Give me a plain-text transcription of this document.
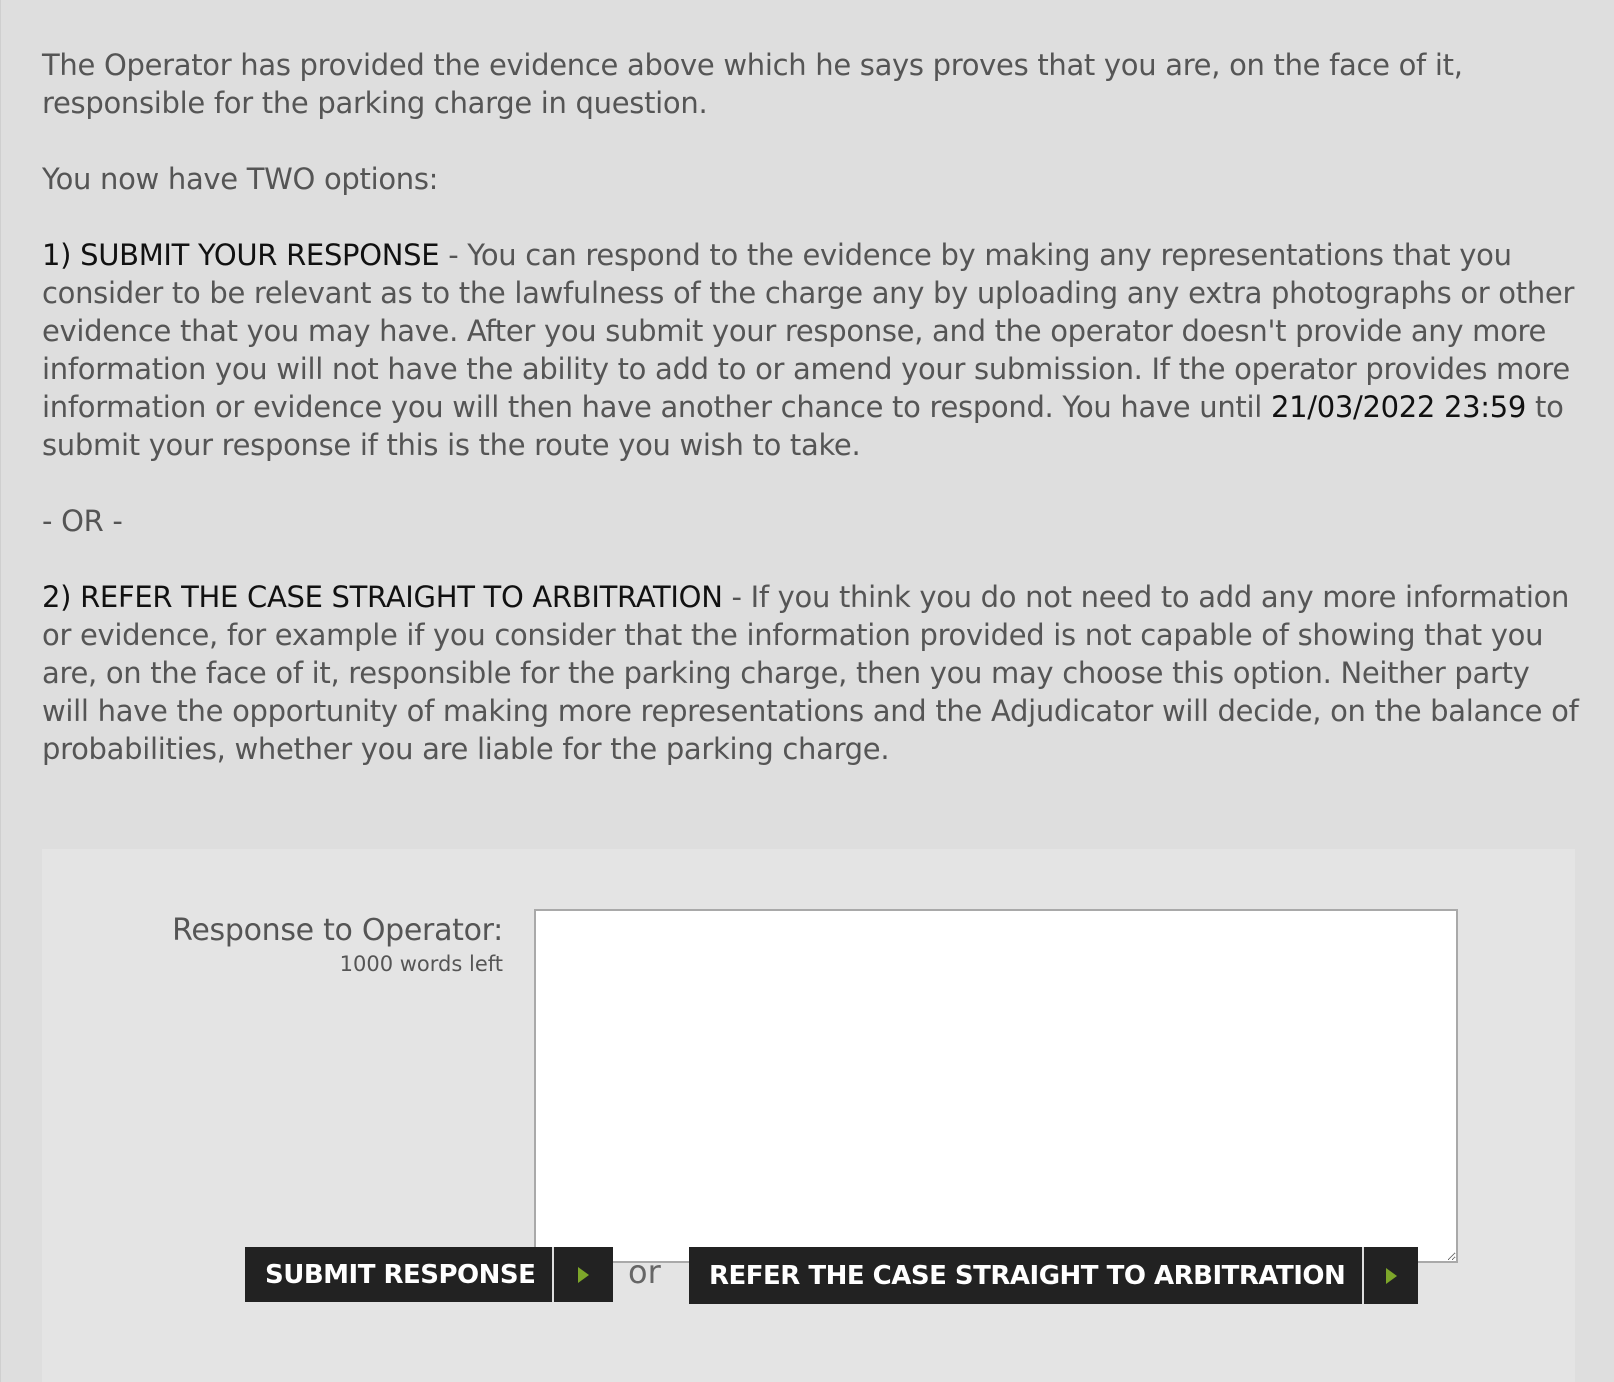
The Operator has provided the evidence above which he says proves that you are, on the face of it, responsible for the parking charge in question.

You now have TWO options:

1) SUBMIT YOUR RESPONSE - You can respond to the evidence by making any representations that you consider to be relevant as to the lawfulness of the charge any by uploading any extra photographs or other evidence that you may have. After you submit your response, and the operator doesn't provide any more information you will not have the ability to add to or amend your submission. If the operator provides more information or evidence you will then have another chance to respond. You have until 21/03/2022 23:59 to submit your response if this is the route you wish to take.

- OR -

2) REFER THE CASE STRAIGHT TO ARBITRATION - If you think you do not need to add any more information or evidence, for example if you consider that the information provided is not capable of showing that you are, on the face of it, responsible for the parking charge, then you may choose this option. Neither party will have the opportunity of making more representations and the Adjudicator will decide, on the balance of probabilities, whether you are liable for the parking charge.

Response to Operator:
1000 words left
SUBMIT RESPONSE	or	REFER THE CASE STRAIGHT TO ARBITRATION
